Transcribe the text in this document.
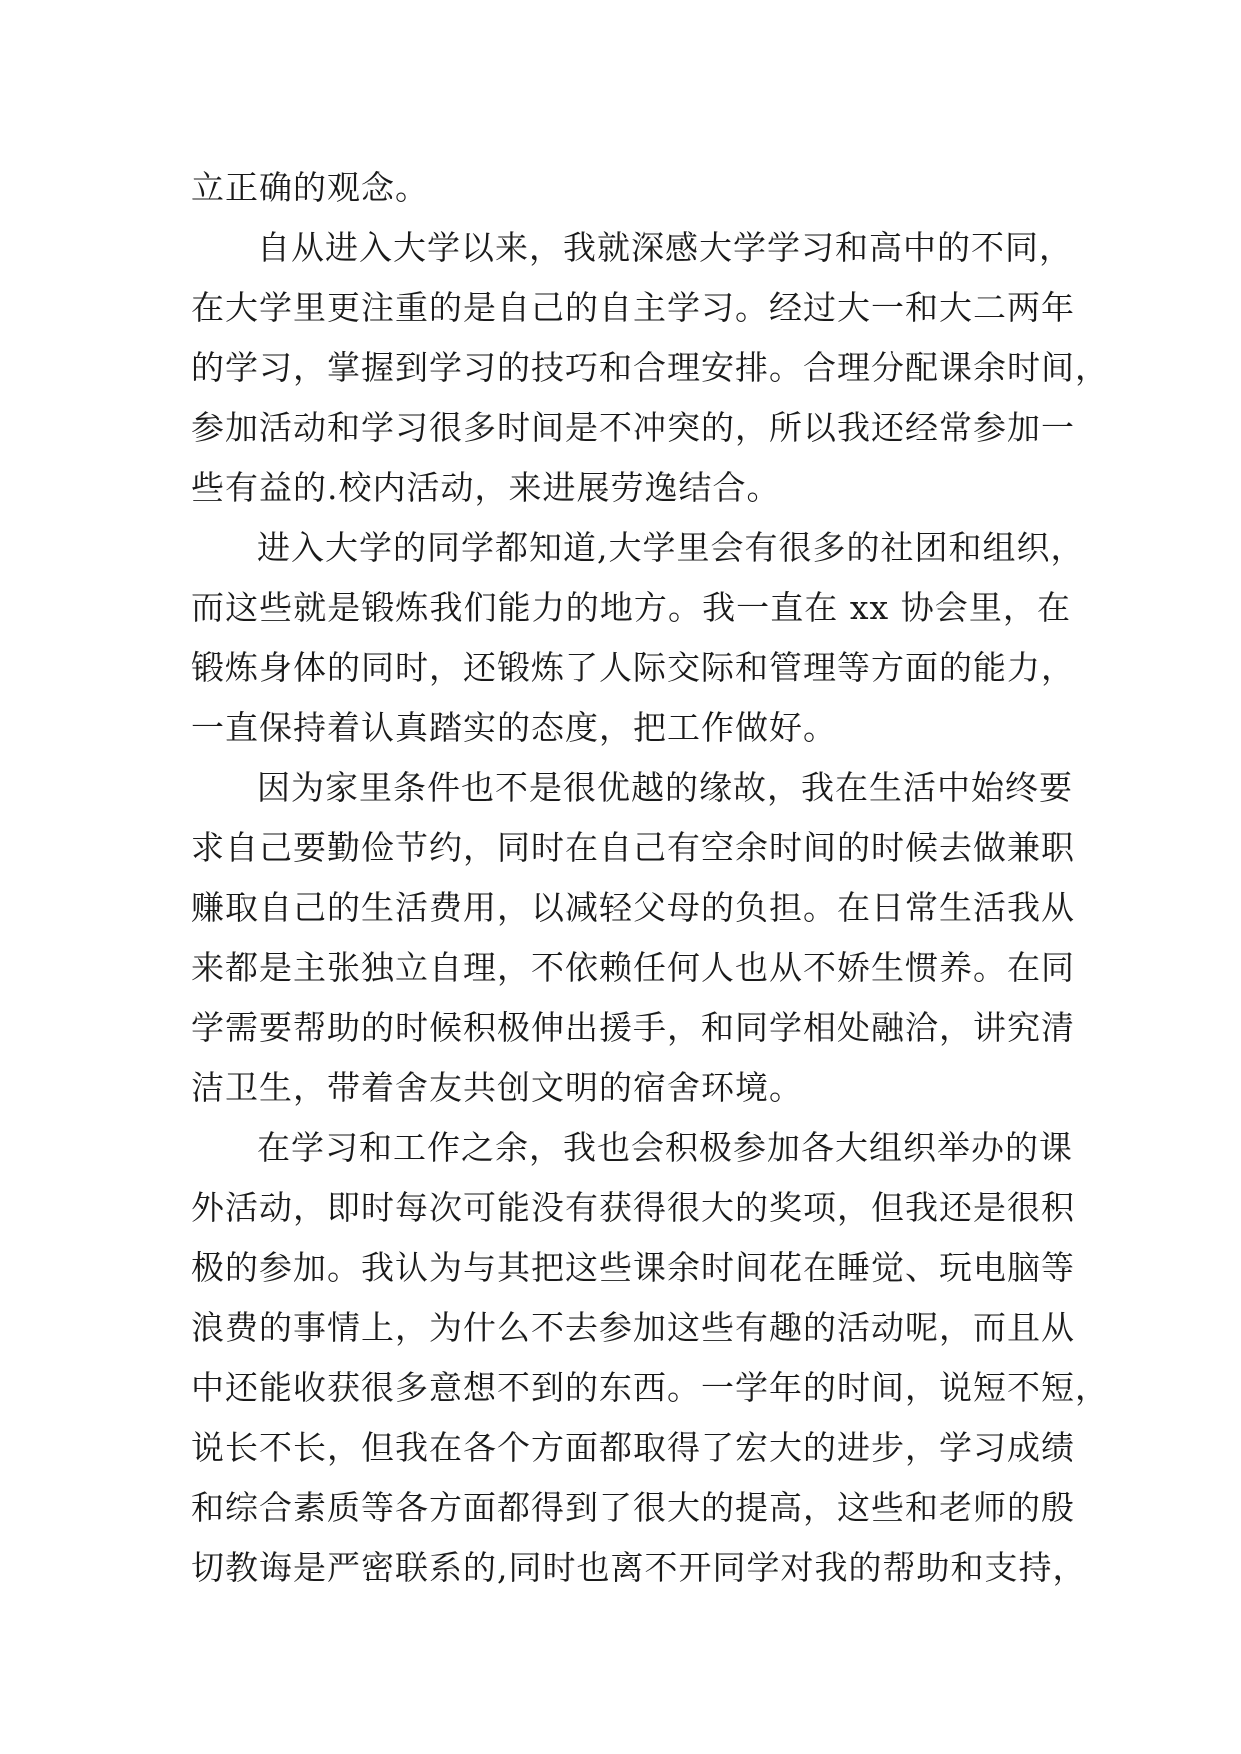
立正确的观念。
自从进入大学以来，我就深感大学学习和高中的不同，
在大学里更注重的是自己的自主学习。经过大一和大二两年
的学习，掌握到学习的技巧和合理安排。合理分配课余时间，
参加活动和学习很多时间是不冲突的，所以我还经常参加一
些有益的.校内活动，来进展劳逸结合。
进入大学的同学都知道,大学里会有很多的社团和组织，
而这些就是锻炼我们能力的地方。我一直在 xx 协会里，在
锻炼身体的同时，还锻炼了人际交际和管理等方面的能力，
一直保持着认真踏实的态度，把工作做好。
因为家里条件也不是很优越的缘故，我在生活中始终要
求自己要勤俭节约，同时在自己有空余时间的时候去做兼职
赚取自己的生活费用，以减轻父母的负担。在日常生活我从
来都是主张独立自理，不依赖任何人也从不娇生惯养。在同
学需要帮助的时候积极伸出援手，和同学相处融洽，讲究清
洁卫生，带着舍友共创文明的宿舍环境。
在学习和工作之余，我也会积极参加各大组织举办的课
外活动，即时每次可能没有获得很大的奖项，但我还是很积
极的参加。我认为与其把这些课余时间花在睡觉、玩电脑等
浪费的事情上，为什么不去参加这些有趣的活动呢，而且从
中还能收获很多意想不到的东西。一学年的时间，说短不短，
说长不长，但我在各个方面都取得了宏大的进步，学习成绩
和综合素质等各方面都得到了很大的提高，这些和老师的殷
切教诲是严密联系的,同时也离不开同学对我的帮助和支持，
